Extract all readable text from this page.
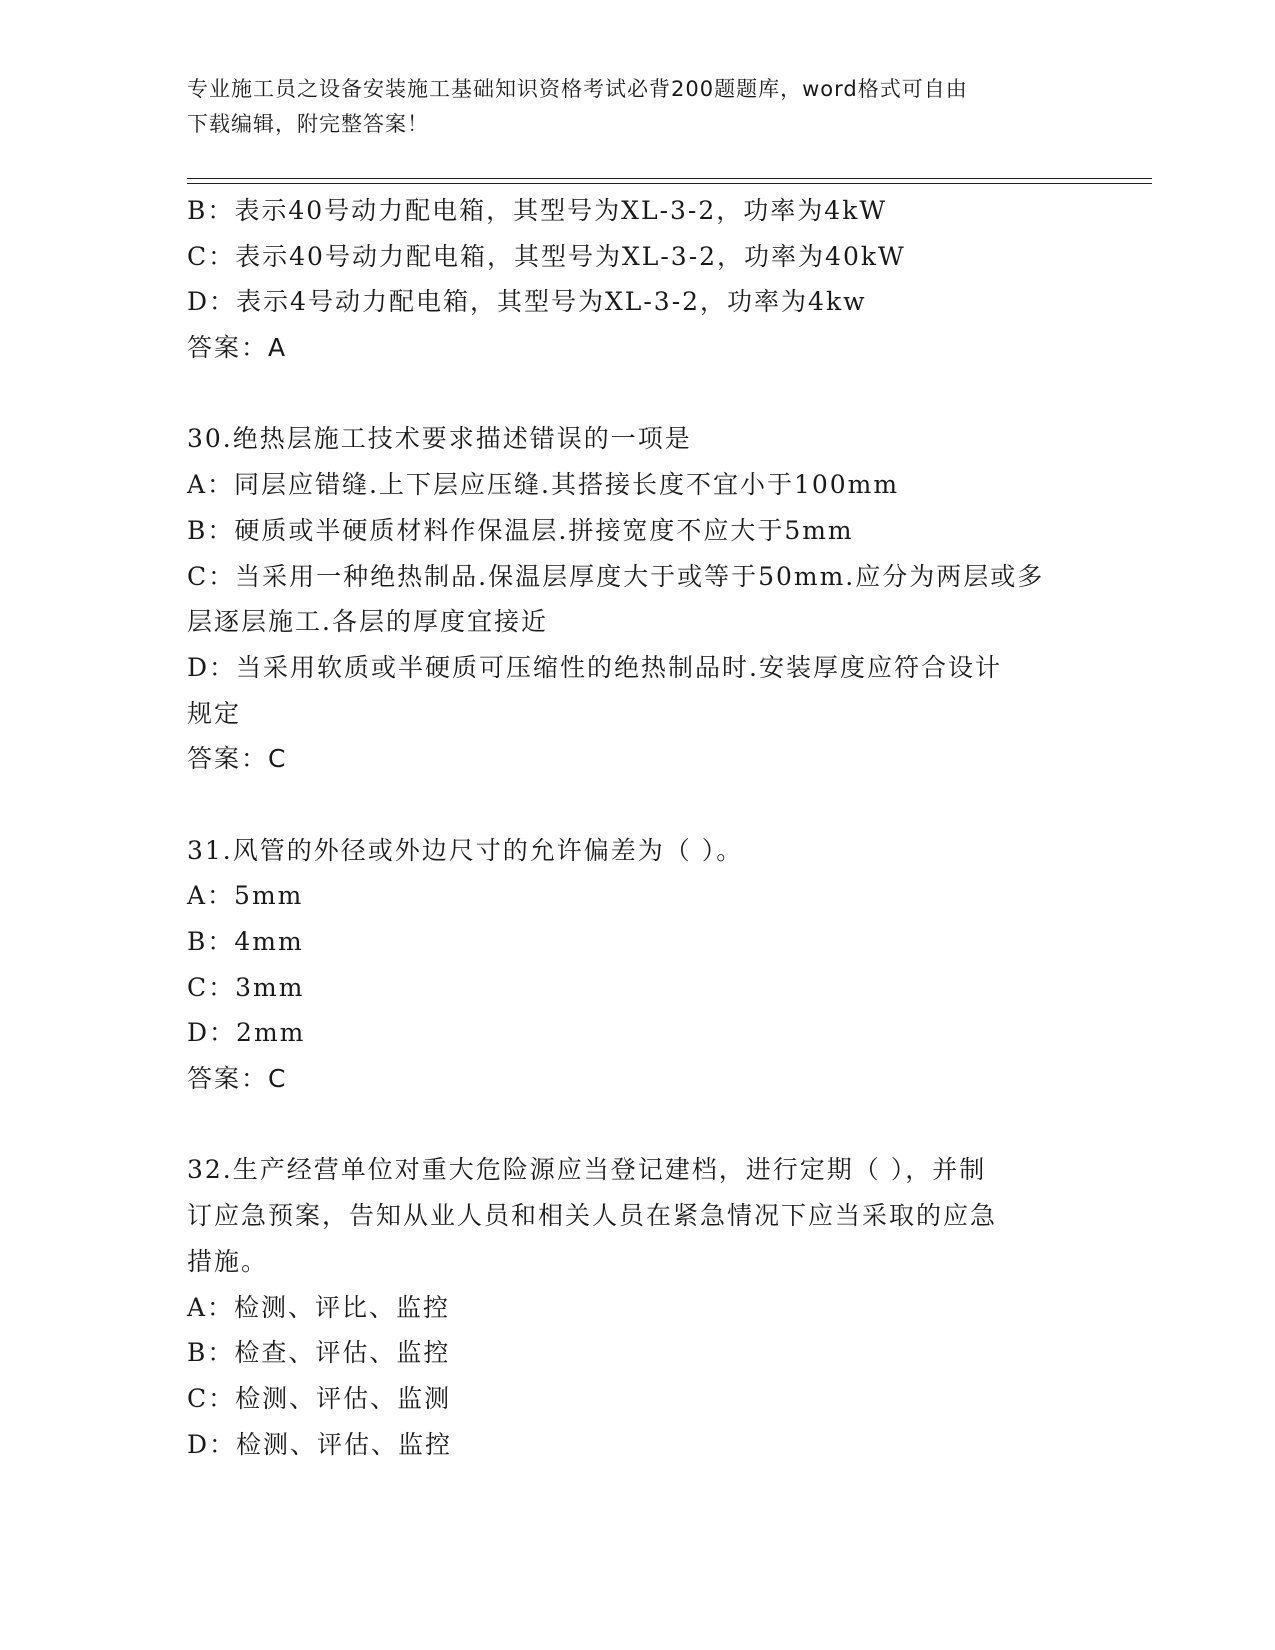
专业施工员之设备安装施工基础知识资格考试必背200题题库，word格式可自由
下载编辑，附完整答案！
B：表示40号动力配电箱，其型号为XL-3-2，功率为4kW
C：表示40号动力配电箱，其型号为XL-3-2，功率为40kW
D：表示4号动力配电箱，其型号为XL-3-2，功率为4kw
答案：A
30.绝热层施工技术要求描述错误的一项是
A：同层应错缝.上下层应压缝.其搭接长度不宜小于100mm
B：硬质或半硬质材料作保温层.拼接宽度不应大于5mm
C：当采用一种绝热制品.保温层厚度大于或等于50mm.应分为两层或多
层逐层施工.各层的厚度宜接近
D：当采用软质或半硬质可压缩性的绝热制品时.安装厚度应符合设计
规定
答案：C
31.风管的外径或外边尺寸的允许偏差为（ ）。
A：5mm
B：4mm
C：3mm
D：2mm
答案：C
32.生产经营单位对重大危险源应当登记建档，进行定期（ ），并制
订应急预案，告知从业人员和相关人员在紧急情况下应当采取的应急
措施。
A：检测、评比、监控
B：检查、评估、监控
C：检测、评估、监测
D：检测、评估、监控
